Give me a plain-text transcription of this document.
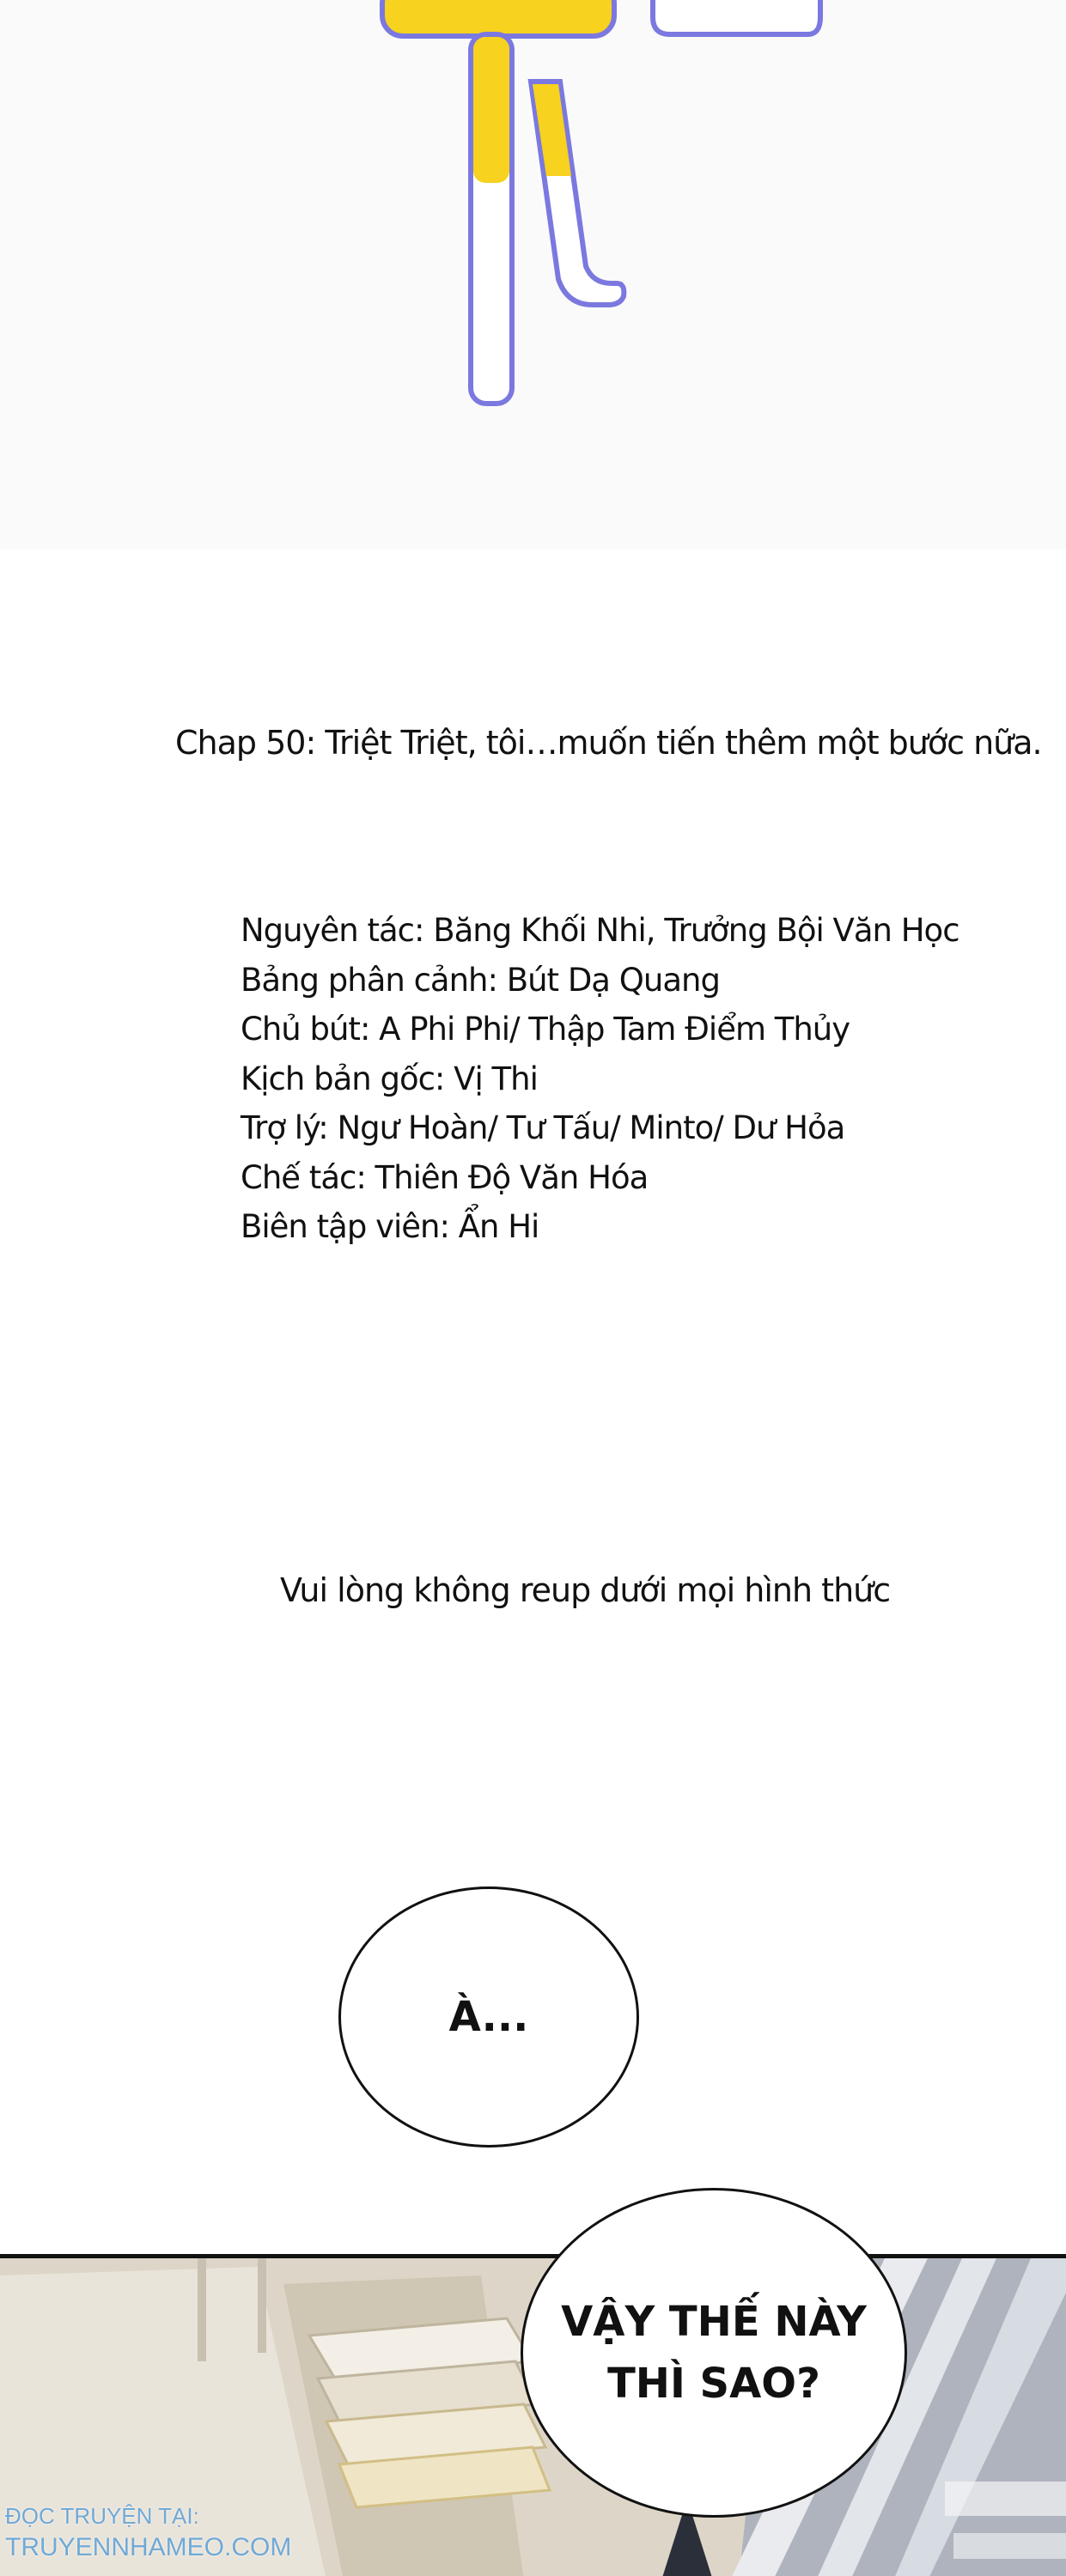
Chap 50: Triệt Triệt, tôi…muốn tiến thêm một bước nữa.
Nguyên tác: Băng Khối Nhi, Trưởng Bội Văn Học
Bảng phân cảnh: Bút Dạ Quang
Chủ bút: A Phi Phi/ Thập Tam Điểm Thủy
Kịch bản gốc: Vị Thi
Trợ lý: Ngư Hoàn/ Tư Tấu/ Minto/ Dư Hỏa
Chế tác: Thiên Độ Văn Hóa
Biên tập viên: Ẩn Hi
Vui lòng không reup dưới mọi hình thức
À...
VẬY THẾ NÀY
THÌ SAO?
ĐỌC TRUYỆN TẠI:
TRUYENNHAMEO.COM
